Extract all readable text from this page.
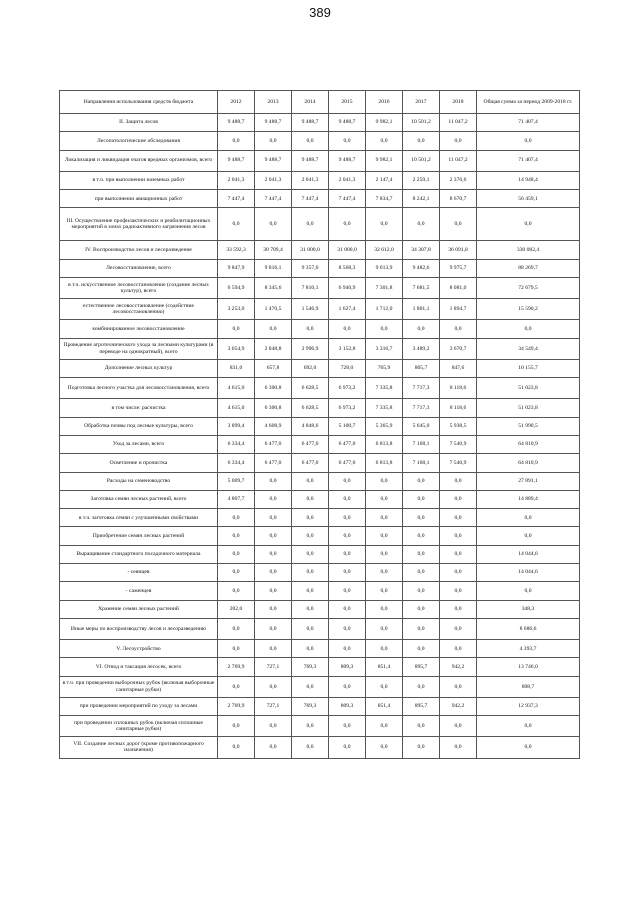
389
Направления использования средств бюджета	2012	2013	2014	2015	2016	2017	2018	Общая сумма за период 2009-2018 гг.
II. Защита лесов	9 488,7	9 488,7	9 488,7	9 488,7	9 982,1	10 501,2	11 047,2	71 407,4
Лесопатологические обследования	0,0	0,0	0,0	0,0	0,0	0,0	0,0	0,0
Локализация и ликвидация очагов вредных организмов, всего	9 488,7	9 488,7	9 488,7	9 488,7	9 982,1	10 501,2	11 047,2	71 407,4
в т.ч. при выполнении наземных работ	2 041,3	2 041,3	2 041,3	2 041,3	2 147,4	2 259,1	2 376,6	14 948,4
при выполнении авиационных работ	7 447,4	7 447,4	7 447,4	7 447,4	7 834,7	8 242,1	8 670,7	56 459,1
III. Осуществление профилактических и реабилитационных мероприятий в зонах радиоактивного загрязнения лесов	0,0	0,0	0,0	0,0	0,0	0,0	0,0	0,0
IV. Воспроизводство лесов и лесоразведение	33 592,3	30 709,4	31 000,0	31 000,0	32 612,0	34 307,8	36 091,8	330 082,4
Лесовосстановление, всего	9 847,9	9 816,1	9 357,0	8 568,3	9 013,9	9 482,6	9 975,7	88 269,7
в т.ч. искусственное лесовосстановление (создание лесных культур), всего	6 594,9	8 345,6	7 810,1	6 940,9	7 301,8	7 681,5	8 081,0	72 679,5
естественное лесовосстановление (содействие лесовосстановлению)	3 253,0	1 470,5	1 546,9	1 627,4	1 712,0	1 801,1	1 894,7	15 590,2
комбинированное лесовосстановление	0,0	0,0	0,0	0,0	0,0	0,0	0,0	0,0
Проведение агротехнического ухода за лесными культурами (в переводе на однократный), всего	3 054,9	2 848,8	2 996,9	3 152,8	3 316,7	3 489,2	3 670,7	34 549,4
Дополнение лесных культур	831,0	657,8	692,0	728,0	765,9	805,7	847,6	10 155,7
Подготовка лесного участка для лесовосстановления, всего	4 615,0	6 300,8	6 628,5	6 973,2	7 335,8	7 717,3	8 118,6	51 023,8
в том числе: расчистка	4 615,0	6 300,8	6 628,5	6 973,2	7 335,8	7 717,3	8 118,6	51 023,8
Обработка почвы под лесные культуры, всего	3 899,4	4 608,9	4 848,6	5 100,7	5 365,9	5 645,0	5 938,5	51 990,5
Уход за лесами, всего	6 334,4	6 477,0	6 477,0	6 477,0	6 813,8	7 168,1	7 540,9	64 810,9
Осветление и прочистка	6 334,4	6 477,0	6 477,0	6 477,0	6 813,8	7 168,1	7 540,9	64 810,9
Расходы на семеноводство	5 009,7	0,0	0,0	0,0	0,0	0,0	0,0	27 891,1
Заготовка семян лесных растений, всего	4 807,7	0,0	0,0	0,0	0,0	0,0	0,0	14 889,4
в т.ч. заготовка семян с улучшенными свойствами	0,0	0,0	0,0	0,0	0,0	0,0	0,0	0,0
Приобретение семян лесных растений	0,0	0,0	0,0	0,0	0,0	0,0	0,0	0,0
Выращивание стандартного посадочного материала	0,0	0,0	0,0	0,0	0,0	0,0	0,0	14 044,6
- сеянцев	0,0	0,0	0,0	0,0	0,0	0,0	0,0	14 044,6
- саженцев	0,0	0,0	0,0	0,0	0,0	0,0	0,0	0,0
Хранение семян лесных растений	202,0	0,0	0,0	0,0	0,0	0,0	0,0	348,3
Иные меры по воспроизводству лесов и лесоразведению	0,0	0,0	0,0	0,0	0,0	0,0	0,0	8 686,6
V. Лесоустройство	0,0	0,0	0,0	0,0	0,0	0,0	0,0	4 393,7
VI. Отвод и таксация лесосек, всего	2 769,9	727,1	769,3	809,3	851,4	895,7	942,2	13 746,0
в т.ч. при проведении выборочных рубок (включая выборочные санитарные рубки)	0,0	0,0	0,0	0,0	0,0	0,0	0,0	808,7
при проведении мероприятий по уходу за лесами	2 769,9	727,1	769,3	809,3	851,4	895,7	942,2	12 937,3
при проведении сплошных рубок (включая сплошные санитарные рубки)	0,0	0,0	0,0	0,0	0,0	0,0	0,0	0,0
VII. Создание лесных дорог (кроме противопожарного назначения)	0,0	0,0	0,0	0,0	0,0	0,0	0,0	0,0
